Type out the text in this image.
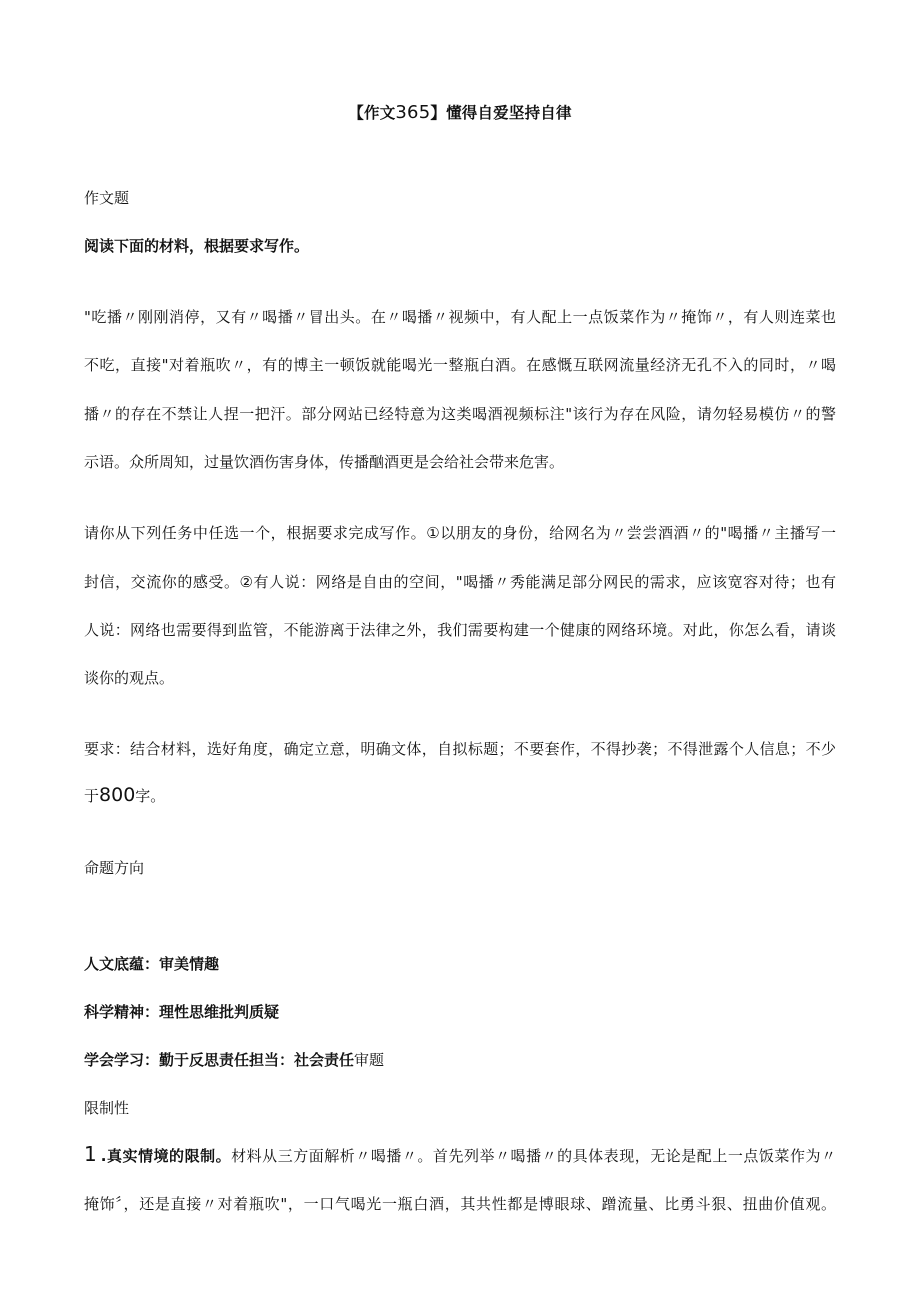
【作文365】懂得自爱坚持自律
作文题
阅读下面的材料，根据要求写作。
"吃播〃刚刚消停，又有〃喝播〃冒出头。在〃喝播〃视频中，有人配上一点饭菜作为〃掩饰〃，有人则连菜也
不吃，直接"对着瓶吹〃，有的博主一顿饭就能喝光一整瓶白酒。在感慨互联网流量经济无孔不入的同时，〃喝
播〃的存在不禁让人捏一把汗。部分网站已经特意为这类喝酒视频标注"该行为存在风险，请勿轻易模仿〃的警
示语。众所周知，过量饮酒伤害身体，传播酗酒更是会给社会带来危害。
请你从下列任务中任选一个，根据要求完成写作。①以朋友的身份，给网名为〃尝尝酒酒〃的"喝播〃主播写一
封信，交流你的感受。②有人说：网络是自由的空间，"喝播〃秀能满足部分网民的需求，应该宽容对待；也有
人说：网络也需要得到监管，不能游离于法律之外，我们需要构建一个健康的网络环境。对此，你怎么看，请谈
谈你的观点。
要求：结合材料，选好角度，确定立意，明确文体，自拟标题；不要套作，不得抄袭；不得泄露个人信息；不少
于800字。
命题方向
人文底蕴：审美情趣
科学精神：理性思维批判质疑
学会学习：勤于反思责任担当：社会责任审题
限制性
1 .真实情境的限制。材料从三方面解析〃喝播〃。首先列举〃喝播〃的具体表现，无论是配上一点饭菜作为〃
掩饰〞，还是直接〃对着瓶吹"，一口气喝光一瓶白酒，其共性都是博眼球、蹭流量、比勇斗狠、扭曲价值观。
